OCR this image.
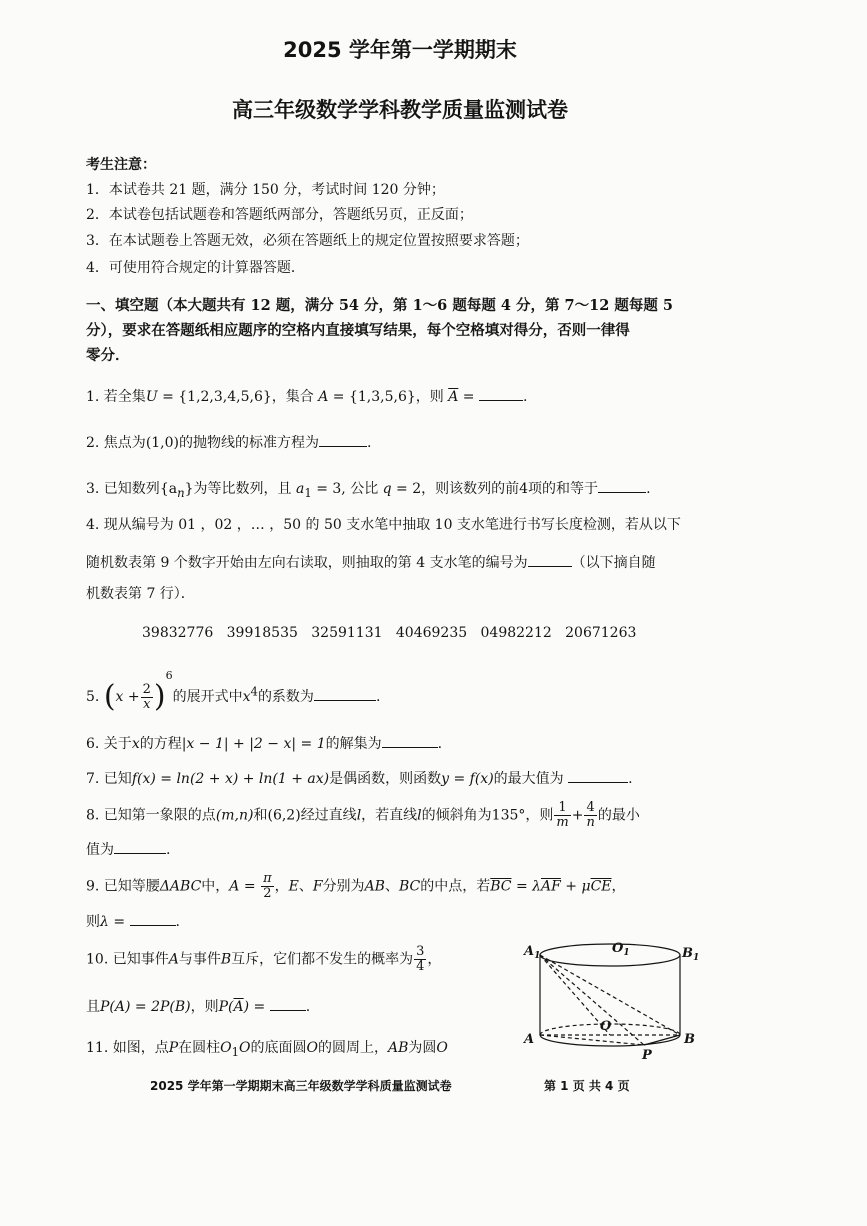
2025 学年第一学期期末
高三年级数学学科教学质量监测试卷
考生注意：
1．本试卷共 21 题，满分 150 分，考试时间 120 分钟；
2．本试卷包括试题卷和答题纸两部分，答题纸另页，正反面；
3．在本试题卷上答题无效，必须在答题纸上的规定位置按照要求答题；
4．可使用符合规定的计算器答题．
一、填空题（本大题共有 12 题，满分 54 分，第 1～6 题每题 4 分，第 7～12 题每题 5
分），要求在答题纸相应题序的空格内直接填写结果，每个空格填对得分，否则一律得
零分．
1. 若全集U = {1,2,3,4,5,6}，集合 A = {1,3,5,6}，则 $\overline{A}$ =	.
2. 焦点为(1,0)的抛物线的标准方程为	.
3. 已知数列$\{a_n\}$为等比数列，且 $a_1 = 3$, 公比 q = 2，则该数列的前4项的和等于	.
4. 现从编号为 01 ，02 ，… ，50 的 50 支水笔中抽取 10 支水笔进行书写长度检测，若从以下
随机数表第 9 个数字开始由左向右读取，则抽取的第 4 支水笔的编号为	（以下摘自随
机数表第 7 行）．
39832776 39918535 32591131 40469235 04982212 20671263
5. $(x + \frac{2}{x} )^6$的展开式中$x^4$的系数为	.
6. 关于x的方程|x − 1| + |2 − x| = 1的解集为	.
7. 已知f(x) = ln(2 + x) + ln(1 + ax)是偶函数，则函数y = f(x)的最大值为	.
8. 已知第一象限的点(m,n)和(6,2)经过直线l，若直线l的倾斜角为135°，则 $\frac{1}{m} + \frac{4}{n}$ 的最小
值为	.
9. 已知等腰ΔABC中，$A = \frac{\pi}{2}$ ，E、F分别为AB、BC的中点，若$\overline{BC} = \lambda\overline{AF} + \mu\overline{CE}$，
则λ =	.
10. 已知事件A与事件B互斥，它们都不发生的概率为 $\frac{3}{4}$ ，
且P(A) = 2P(B)，则$P(\overline{A})$ =	.
11. 如图，点P在圆柱$O_1O$的底面圆O的圆周上，AB为圆O
$A_1$	$O_1$	$B_1$
A
O
B
P
2025 学年第一学期期末高三年级数学学科质量监测试卷	第 1 页 共 4 页
